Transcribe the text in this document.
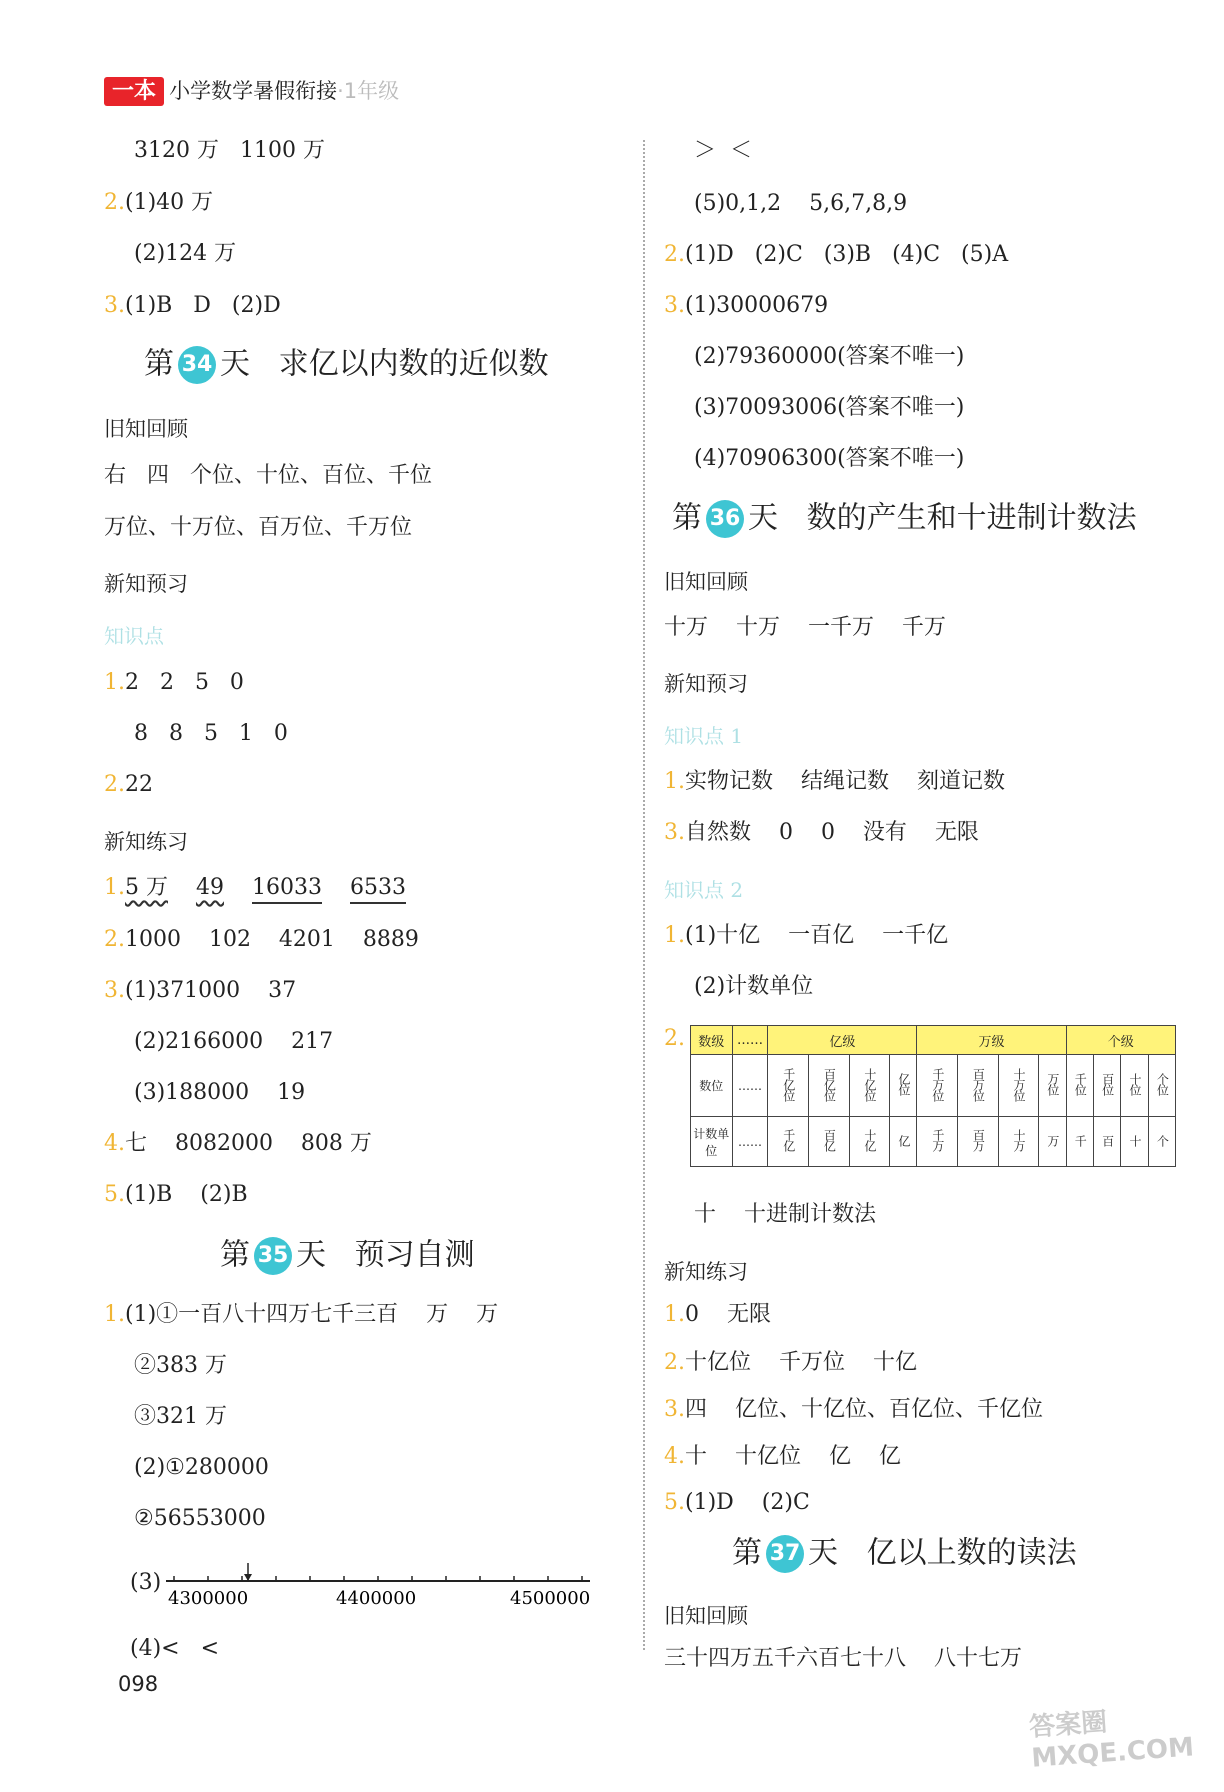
一本 小学数学暑假衔接·1年级
3120 万   1100 万
2.(1)40 万
(2)124 万
3.(1)B   D   (2)D
第 34 天 求亿以内数的近似数
旧知回顾
右   四   个位、十位、百位、千位
万位、十万位、百万位、千万位
新知预习
知识点
1.2   2   5   0
8   8   5   1   0
2.22
新知练习
1.5 万 49 16033 6533
2.1000    102    4201    8889
3.(1)371000    37
(2)2166000    217
(3)188000    19
4.七    8082000    808 万
5.(1)B    (2)B
第 35 天 预习自测
1.(1)①一百八十四万七千三百    万    万
②383 万
③321 万
(2)①280000
②56553000
(3)
4300000	4400000	4500000
(4)<   <
098
＞  ＜
(5)0,1,2    5,6,7,8,9
2.(1)D   (2)C   (3)B   (4)C   (5)A
3.(1)30000679
(2)79360000(答案不唯一)
(3)70093006(答案不唯一)
(4)70906300(答案不唯一)
第 36 天 数的产生和十进制计数法
旧知回顾
十万    十万    一千万    千万
新知预习
知识点 1
1.实物记数    结绳记数    刻道记数
3.自然数    0    0    没有    无限
知识点 2
1.(1)十亿    一百亿    一千亿
(2)计数单位
2. 数级	……	亿级				万级				个级			
数位	……	千亿位	百亿位	十亿位	亿位	千万位	百万位	十万位	万位	千位	百位	十位	个位
计数单位	……	千亿	百亿	十亿	亿	千万	百万	十万	万	千	百	十	个
十    十进制计数法
新知练习
1.0    无限
2.十亿位    千万位    十亿
3.四    亿位、十亿位、百亿位、千亿位
4.十    十亿位    亿    亿
5.(1)D    (2)C
第 37 天 亿以上数的读法
旧知回顾
三十四万五千六百七十八    八十七万
答案圈 MXQE.COM
